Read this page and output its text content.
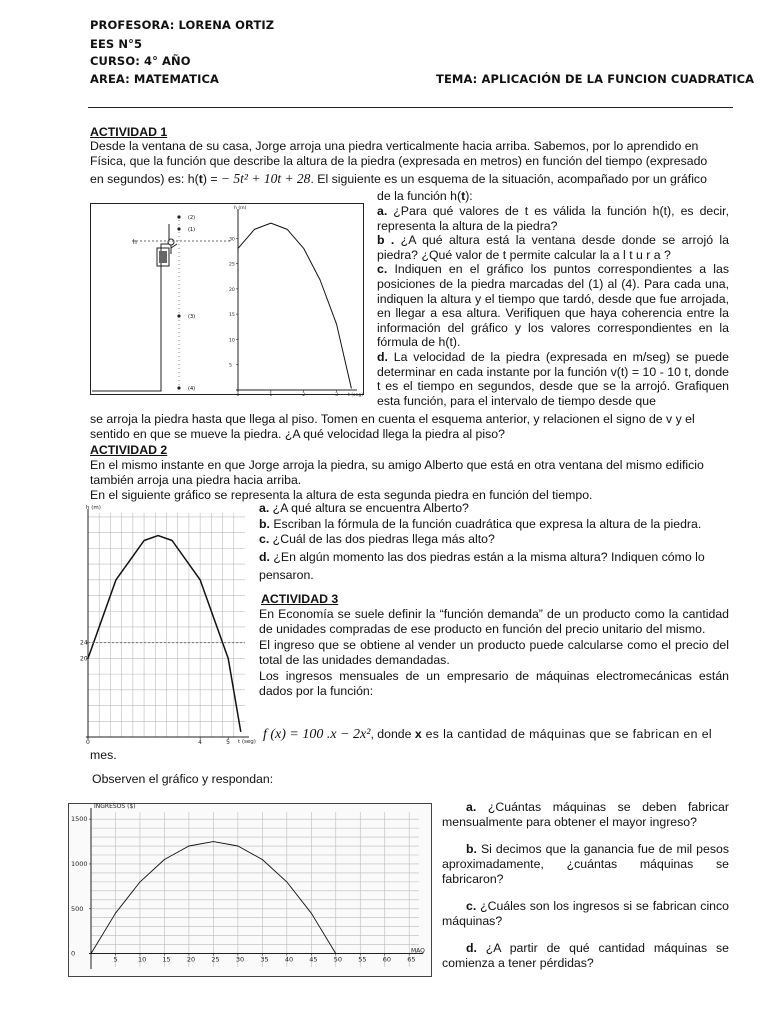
PROFESORA: LORENA ORTIZ
EES N°5
CURSO: 4° AÑO
AREA: MATEMATICA	TEMA: APLICACIÓN DE LA FUNCION CUADRATICA
ACTIVIDAD 1
Desde la ventana de su casa, Jorge arroja una piedra verticalmente hacia arriba. Sabemos, por lo aprendido en
Física, que la función que describe la altura de la piedra (expresada en metros) en función del tiempo (expresado
en segundos) es: h(t) = − 5t² + 10t + 28. El siguiente es un esquema de la situación, acompañado por un gráfico
de la función h(t):

a. ¿Para qué valores de t es válida la función h(t), es decir, representa la altura de la piedra?

b . ¿A qué altura está la ventana desde donde se arrojó la piedra? ¿Qué valor de t permite calcular la a l t u r a ?

c. Indiquen en el gráfico los puntos correspondientes a las posiciones de la piedra marcadas del (1) al (4). Para cada una, indiquen la altura y el tiempo que tardó, desde que fue arrojada, en llegar a esa altura. Verifiquen que haya coherencia entre la información del gráfico y los valores correspondientes en la fórmula de h(t).

d. La velocidad de la piedra (expresada en m/seg) se puede determinar en cada instante por la función v(t) = 10 - 10 t, donde t es el tiempo en segundos, desde que se la arrojó. Grafiquen esta función, para el intervalo de tiempo desde que

se arroja la piedra hasta que llega al piso. Tomen en cuenta el esquema anterior, y relacionen el signo de v y el
sentido en que se mueve la piedra. ¿A qué velocidad llega la piedra al piso?
h
(2)
(1)
(3)
(4)
0	1	2	3
5
10
15
20
25
30
h (m)
t (seg)
ACTIVIDAD 2
En el mismo instante en que Jorge arroja la piedra, su amigo Alberto que está en otra ventana del mismo edificio
también arroja una piedra hacia arriba.
En el siguiente gráfico se representa la altura de esta segunda piedra en función del tiempo.
0	4	5
20
24
h (m)
t (seg)

a. ¿A qué altura se encuentra Alberto?

b. Escriban la fórmula de la función cuadrática que expresa la altura de la piedra.

c. ¿Cuál de las dos piedras llega más alto?

d. ¿En algún momento las dos piedras están a la misma altura? Indiquen cómo lo pensaron.

ACTIVIDAD 3

En Economía se suele definir la “función demanda” de un producto como la cantidad de unidades compradas de ese producto en función del precio unitario del mismo.

El ingreso que se obtiene al vender un producto puede calcularse como el precio del total de las unidades demandadas.

Los ingresos mensuales de un empresario de máquinas electromecánicas están dados por la función:

f (x) = 100 .x − 2x², donde x es la cantidad de máquinas que se fabrican en el
mes.
Observen el gráfico y respondan:
5	10 15 20 25 30 35 40 45 50 55 60 65
0
500
1000
1500
INGRESOS ($)
MAQ

a. ¿Cuántas máquinas se deben fabricar mensualmente para obtener el mayor ingreso?

b. Si decimos que la ganancia fue de mil pesos aproximadamente, ¿cuántas máquinas se fabricaron?

c. ¿Cuáles son los ingresos si se fabrican cinco máquinas?

d. ¿A partir de qué cantidad máquinas se comienza a tener pérdidas?
